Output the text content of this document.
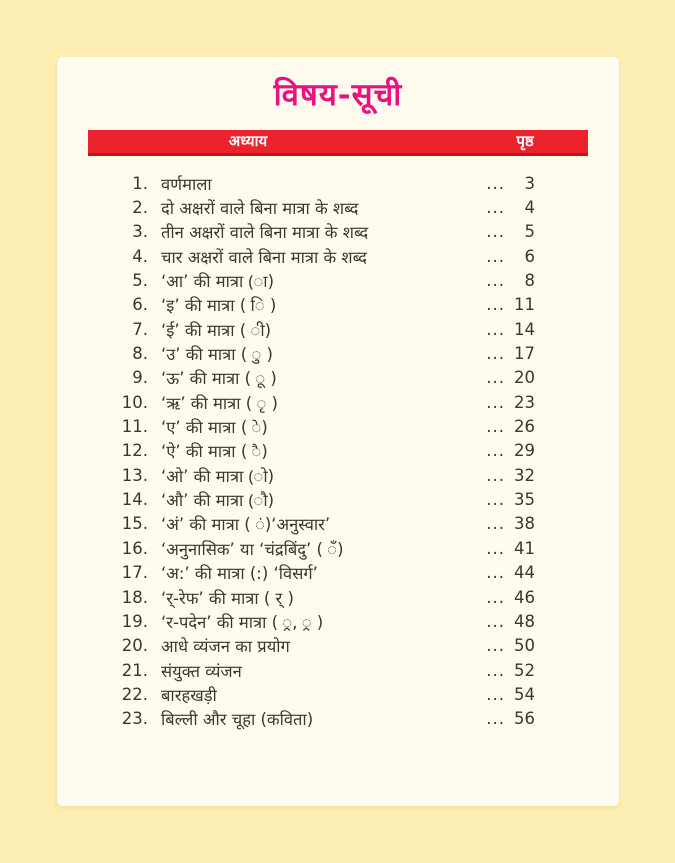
विषय-सूची
अध्याय	पृष्ठ
1. वर्णमाला	...	3
2. दो अक्षरों वाले बिना मात्रा के शब्द	...	4
3. तीन अक्षरों वाले बिना मात्रा के शब्द	...	5
4. चार अक्षरों वाले बिना मात्रा के शब्द	...	6
5. ‘आ’ की मात्रा (ा)	...	8
6. ‘इ’ की मात्रा ( ि )	... 11
7. ‘ई’ की मात्रा ( ी)	... 14
8. ‘उ’ की मात्रा ( ु )	... 17
9. ‘ऊ’ की मात्रा ( ू )	... 20
10. ‘ऋ’ की मात्रा ( ृ )	... 23
11. ‘ए’ की मात्रा ( े)	... 26
12. ‘ऐ’ की मात्रा ( ै)	... 29
13. ‘ओ’ की मात्रा (ो)	... 32
14. ‘औ’ की मात्रा (ौ)	... 35
15. ‘अं’ की मात्रा ( ं)‘अनुस्वार’	... 38
16. ‘अनुनासिक’ या ‘चंद्रबिंदु’ ( ँ)	... 41
17. ‘अ:’ की मात्रा (:) ‘विसर्ग’	... 44
18. ‘र्-रेफ’ की मात्रा ( र् )	... 46
19. ‘र-पदेन’ की मात्रा ( ्र, ्र )	... 48
20. आधे व्यंजन का प्रयोग	... 50
21. संयुक्त व्यंजन	... 52
22. बारहखड़ी	... 54
23. बिल्ली और चूहा (कविता)	... 56
